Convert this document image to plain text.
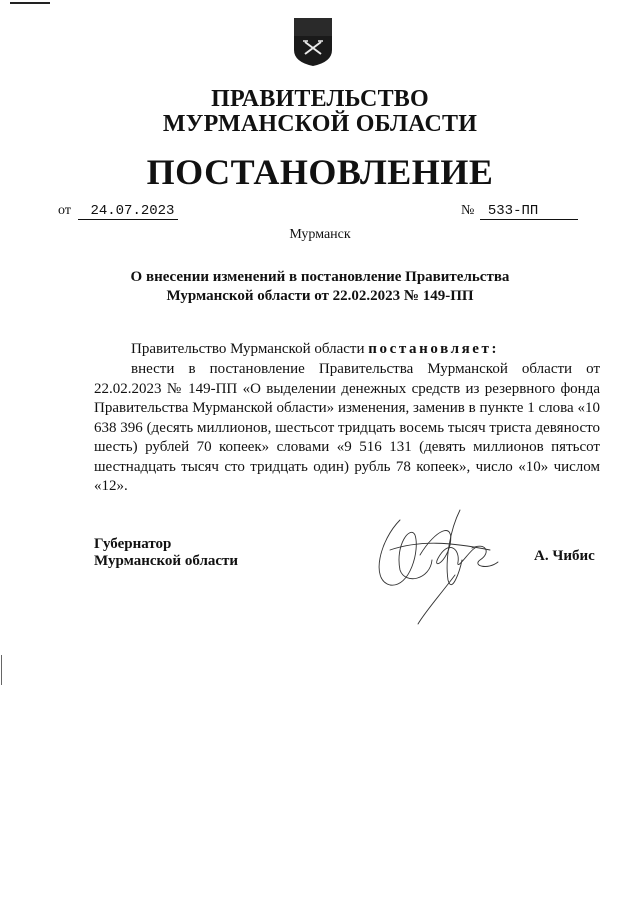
ПРАВИТЕЛЬСТВО
МУРМАНСКОЙ ОБЛАСТИ
ПОСТАНОВЛЕНИЕ
от 24.07.2023	№ 533-ПП
Мурманск
О внесении изменений в постановление Правительства
Мурманской области от 22.02.2023 № 149-ПП
Правительство Мурманской области постановляет:
внести в постановление Правительства Мурманской области от 22.02.2023 № 149-ПП «О выделении денежных средств из резервного фонда Правительства Мурманской области» изменения, заменив в пункте 1 слова «10 638 396 (десять миллионов, шестьсот тридцать восемь тысяч триста девяносто шесть) рублей 70 копеек» словами «9 516 131 (девять миллионов пятьсот шестнадцать тысяч сто тридцать один) рубль 78 копеек», число «10» числом «12».
Губернатор
Мурманской области	А. Чибис
